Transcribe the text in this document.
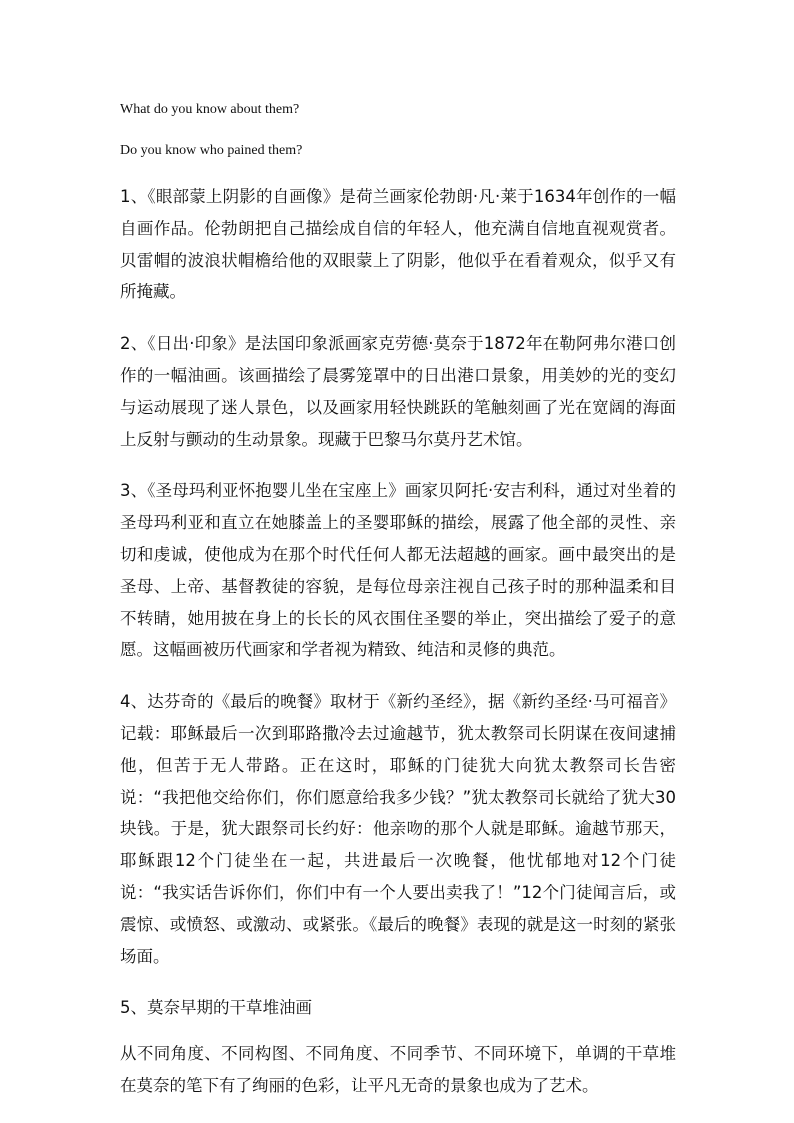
What do you know about them?

Do you know who pained them?

1、《眼部蒙上阴影的自画像》是荷兰画家伦勃朗·凡·莱于1634年创作的一幅自画作品。伦勃朗把自己描绘成自信的年轻人，他充满自信地直视观赏者。贝雷帽的波浪状帽檐给他的双眼蒙上了阴影，他似乎在看着观众，似乎又有所掩藏。

2、《日出·印象》是法国印象派画家克劳德·莫奈于1872年在勒阿弗尔港口创作的一幅油画。该画描绘了晨雾笼罩中的日出港口景象，用美妙的光的变幻与运动展现了迷人景色，以及画家用轻快跳跃的笔触刻画了光在宽阔的海面上反射与颤动的生动景象。现藏于巴黎马尔莫丹艺术馆。

3、《圣母玛利亚怀抱婴儿坐在宝座上》画家贝阿托·安吉利科，通过对坐着的圣母玛利亚和直立在她膝盖上的圣婴耶稣的描绘，展露了他全部的灵性、亲切和虔诚，使他成为在那个时代任何人都无法超越的画家。画中最突出的是圣母、上帝、基督教徒的容貌，是每位母亲注视自己孩子时的那种温柔和目不转睛，她用披在身上的长长的风衣围住圣婴的举止，突出描绘了爱子的意愿。这幅画被历代画家和学者视为精致、纯洁和灵修的典范。

4、达芬奇的《最后的晚餐》取材于《新约圣经》，据《新约圣经·马可福音》记载：耶稣最后一次到耶路撒冷去过逾越节，犹太教祭司长阴谋在夜间逮捕他，但苦于无人带路。正在这时，耶稣的门徒犹大向犹太教祭司长告密说：“我把他交给你们，你们愿意给我多少钱？”犹太教祭司长就给了犹大30块钱。于是，犹大跟祭司长约好：他亲吻的那个人就是耶稣。逾越节那天，耶稣跟12个门徒坐在一起，共进最后一次晚餐，他忧郁地对12个门徒说：“我实话告诉你们，你们中有一个人要出卖我了！”12个门徒闻言后，或震惊、或愤怒、或激动、或紧张。《最后的晚餐》表现的就是这一时刻的紧张场面。

5、莫奈早期的干草堆油画

从不同角度、不同构图、不同角度、不同季节、不同环境下，单调的干草堆在莫奈的笔下有了绚丽的色彩，让平凡无奇的景象也成为了艺术。
